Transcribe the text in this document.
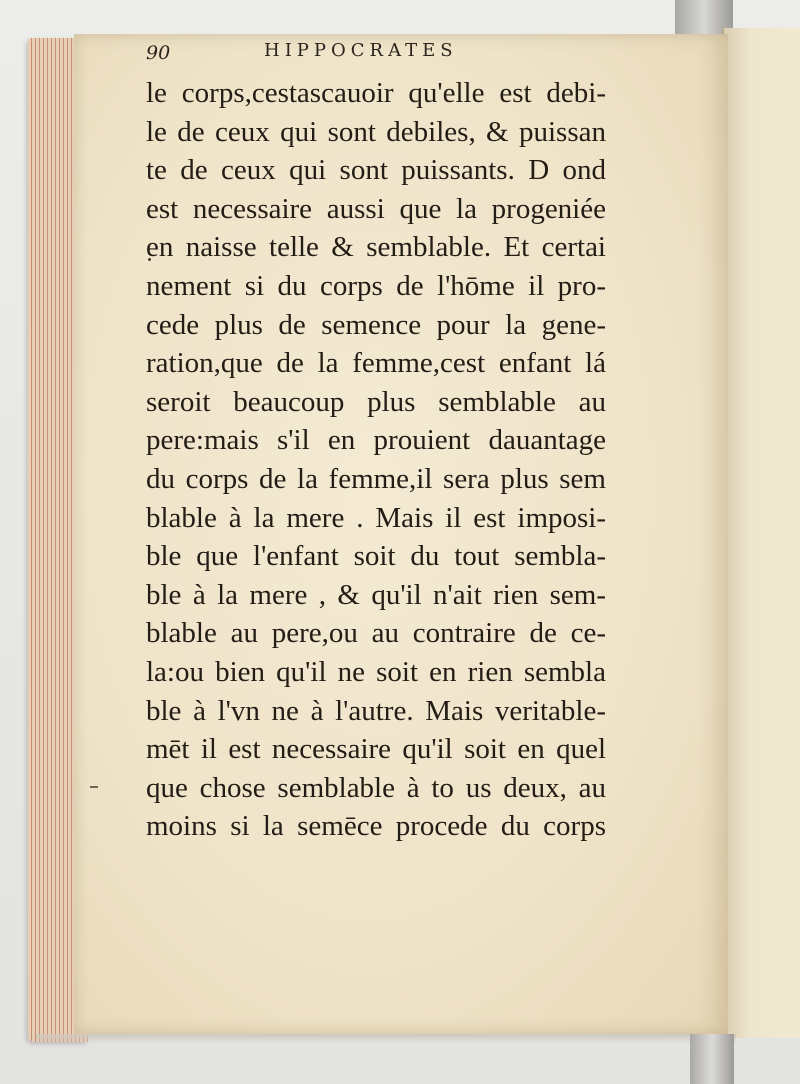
90	HIPPOCRATES
le corps,cestascauoir qu'elle est debi-
le de ceux qui sont debiles, & puissan
te de ceux qui sont puissants. D ond
est necessaire aussi que la progeniée
en naisse telle & semblable. Et certai
nement si du corps de l'hōme il pro-
cede plus de semence pour la gene-
ration,que de la femme,cest enfant lá
seroit beaucoup plus semblable au
pere:mais s'il en prouient dauantage
du corps de la femme,il sera plus sem
blable à la mere . Mais il est imposi-
ble que l'enfant soit du tout sembla-
ble à la mere , & qu'il n'ait rien sem-
blable au pere,ou au contraire de ce-
la:ou bien qu'il ne soit en rien sembla
ble à l'vn ne à l'autre. Mais veritable-
mēt il est necessaire qu'il soit en quel
que chose semblable à to us deux, au
moins si la semēce procede du corps
